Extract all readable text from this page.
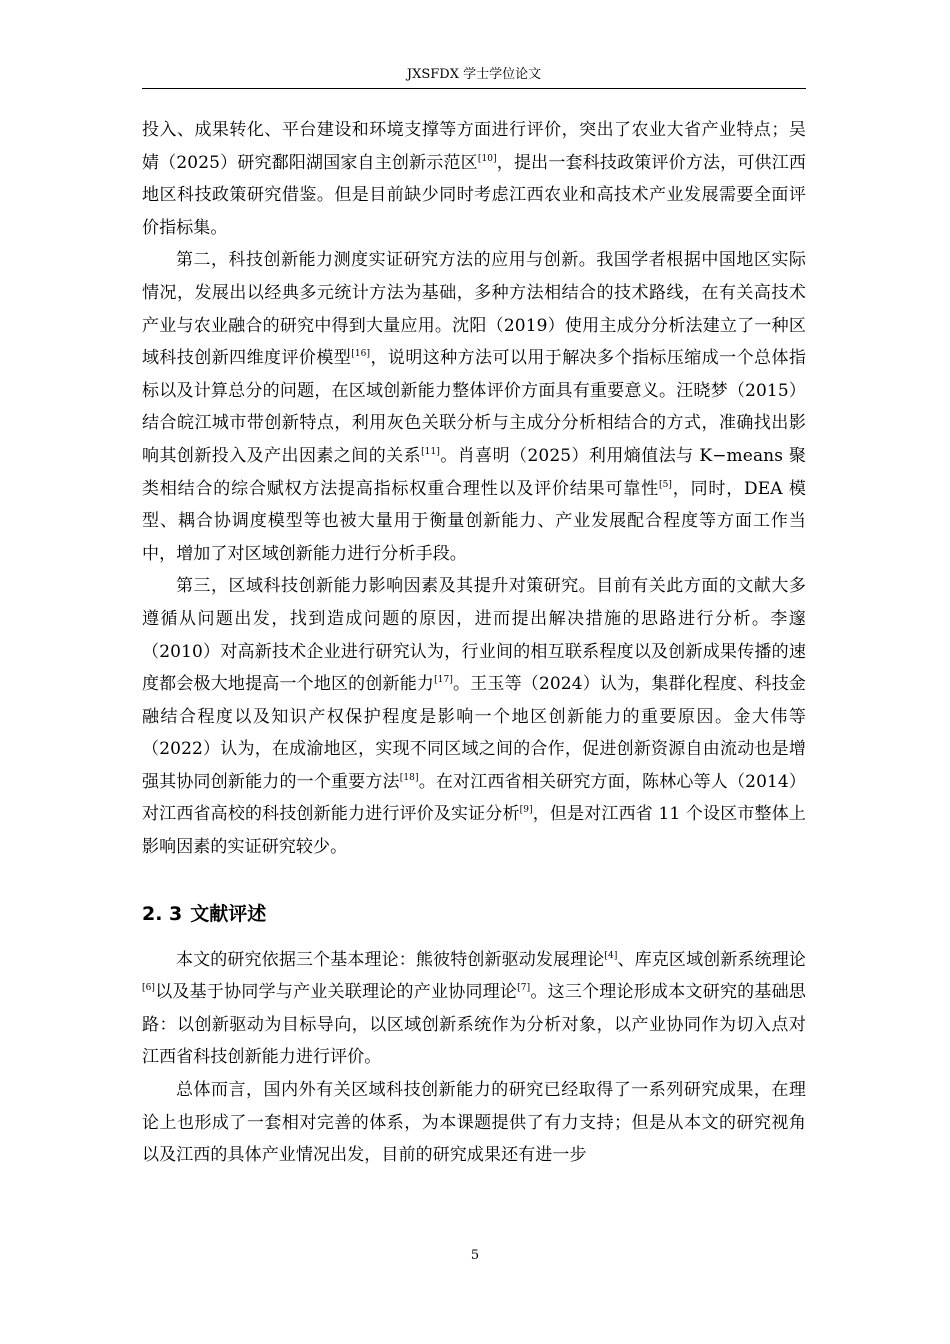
JXSFDX 学士学位论文

投入、成果转化、平台建设和环境支撑等方面进行评价，突出了农业大省产业特点；吴婧（2025）研究鄱阳湖国家自主创新示范区[10]，提出一套科技政策评价方法，可供江西地区科技政策研究借鉴。但是目前缺少同时考虑江西农业和高技术产业发展需要全面评价指标集。

第二，科技创新能力测度实证研究方法的应用与创新。我国学者根据中国地区实际情况，发展出以经典多元统计方法为基础，多种方法相结合的技术路线，在有关高技术产业与农业融合的研究中得到大量应用。沈阳（2019）使用主成分分析法建立了一种区域科技创新四维度评价模型[16]，说明这种方法可以用于解决多个指标压缩成一个总体指标以及计算总分的问题，在区域创新能力整体评价方面具有重要意义。汪晓梦（2015）结合皖江城市带创新特点，利用灰色关联分析与主成分分析相结合的方式，准确找出影响其创新投入及产出因素之间的关系[11]。肖喜明（2025）利用熵值法与 K−means 聚类相结合的综合赋权方法提高指标权重合理性以及评价结果可靠性[5]，同时，DEA 模型、耦合协调度模型等也被大量用于衡量创新能力、产业发展配合程度等方面工作当中，增加了对区域创新能力进行分析手段。

第三，区域科技创新能力影响因素及其提升对策研究。目前有关此方面的文献大多遵循从问题出发，找到造成问题的原因，进而提出解决措施的思路进行分析。李邃（2010）对高新技术企业进行研究认为，行业间的相互联系程度以及创新成果传播的速度都会极大地提高一个地区的创新能力[17]。王玉等（2024）认为，集群化程度、科技金融结合程度以及知识产权保护程度是影响一个地区创新能力的重要原因。金大伟等（2022）认为，在成渝地区，实现不同区域之间的合作，促进创新资源自由流动也是增强其协同创新能力的一个重要方法[18]。在对江西省相关研究方面，陈林心等人（2014）对江西省高校的科技创新能力进行评价及实证分析[9]，但是对江西省 11 个设区市整体上影响因素的实证研究较少。

2. 3 文献评述

本文的研究依据三个基本理论：熊彼特创新驱动发展理论[4]、库克区域创新系统理论[6]以及基于协同学与产业关联理论的产业协同理论[7]。这三个理论形成本文研究的基础思路：以创新驱动为目标导向，以区域创新系统作为分析对象，以产业协同作为切入点对江西省科技创新能力进行评价。

总体而言，国内外有关区域科技创新能力的研究已经取得了一系列研究成果，在理论上也形成了一套相对完善的体系，为本课题提供了有力支持；但是从本文的研究视角以及江西的具体产业情况出发，目前的研究成果还有进一步

5
